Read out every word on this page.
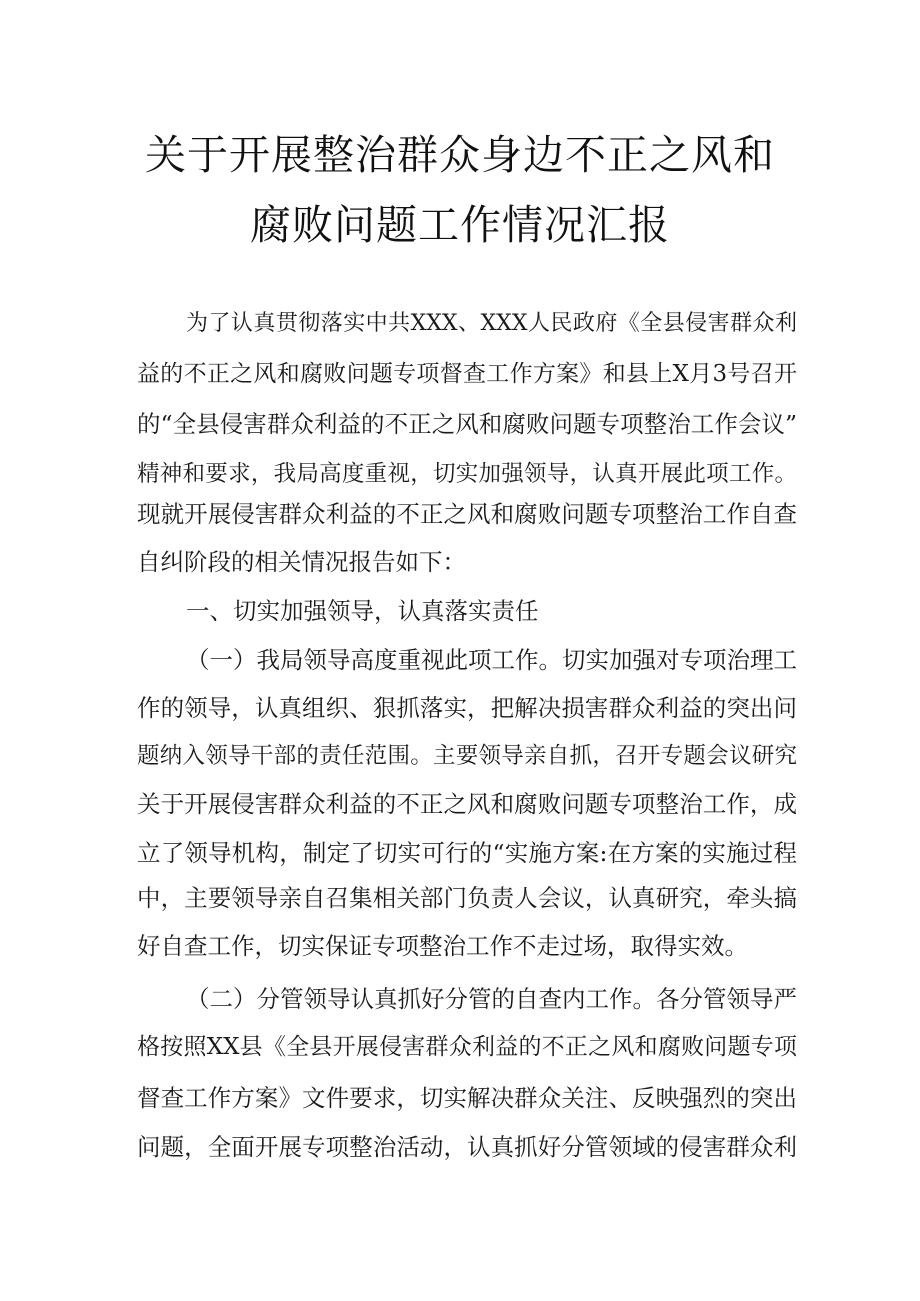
关于开展整治群众身边不正之风和
腐败问题工作情况汇报
为了认真贯彻落实中共XXX、XXX人民政府《全县侵害群众利
益的不正之风和腐败问题专项督查工作方案》和县上X月3号召开
的“全县侵害群众利益的不正之风和腐败问题专项整治工作会议”
精神和要求，我局高度重视，切实加强领导，认真开展此项工作。
现就开展侵害群众利益的不正之风和腐败问题专项整治工作自查
自纠阶段的相关情况报告如下：
一、切实加强领导，认真落实责任
（一）我局领导高度重视此项工作。切实加强对专项治理工
作的领导，认真组织、狠抓落实，把解决损害群众利益的突出问
题纳入领导干部的责任范围。主要领导亲自抓，召开专题会议研究
关于开展侵害群众利益的不正之风和腐败问题专项整治工作，成
立了领导机构，制定了切实可行的“实施方案:在方案的实施过程
中，主要领导亲自召集相关部门负责人会议，认真研究，牵头搞
好自查工作，切实保证专项整治工作不走过场，取得实效。
（二）分管领导认真抓好分管的自查内工作。各分管领导严
格按照XX县《全县开展侵害群众利益的不正之风和腐败问题专项
督查工作方案》文件要求，切实解决群众关注、反映强烈的突出
问题，全面开展专项整治活动，认真抓好分管领域的侵害群众利
